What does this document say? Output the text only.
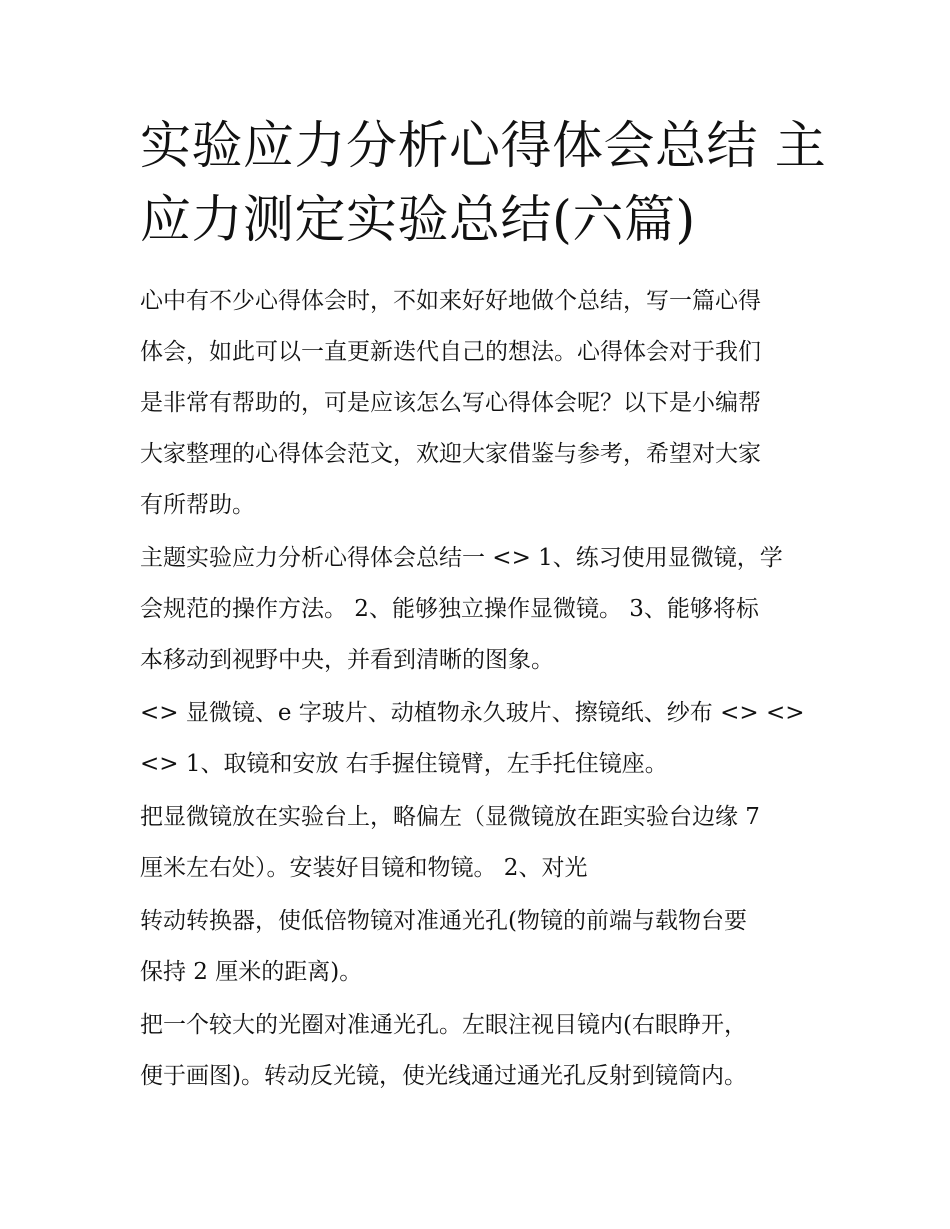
实验应力分析心得体会总结 主
应力测定实验总结(六篇)
心中有不少心得体会时，不如来好好地做个总结，写一篇心得
体会，如此可以一直更新迭代自己的想法。心得体会对于我们
是非常有帮助的，可是应该怎么写心得体会呢？以下是小编帮
大家整理的心得体会范文，欢迎大家借鉴与参考，希望对大家
有所帮助。
主题实验应力分析心得体会总结一 <> 1、练习使用显微镜，学
会规范的操作方法。 2、能够独立操作显微镜。 3、能够将标
本移动到视野中央，并看到清晰的图象。
<> 显微镜、e 字玻片、动植物永久玻片、擦镜纸、纱布 <> <>
<> 1、取镜和安放 右手握住镜臂，左手托住镜座。
把显微镜放在实验台上，略偏左（显微镜放在距实验台边缘 7
厘米左右处）。安装好目镜和物镜。 2、对光
转动转换器，使低倍物镜对准通光孔(物镜的前端与载物台要
保持 2 厘米的距离)。
把一个较大的光圈对准通光孔。左眼注视目镜内(右眼睁开，
便于画图)。转动反光镜，使光线通过通光孔反射到镜筒内。
